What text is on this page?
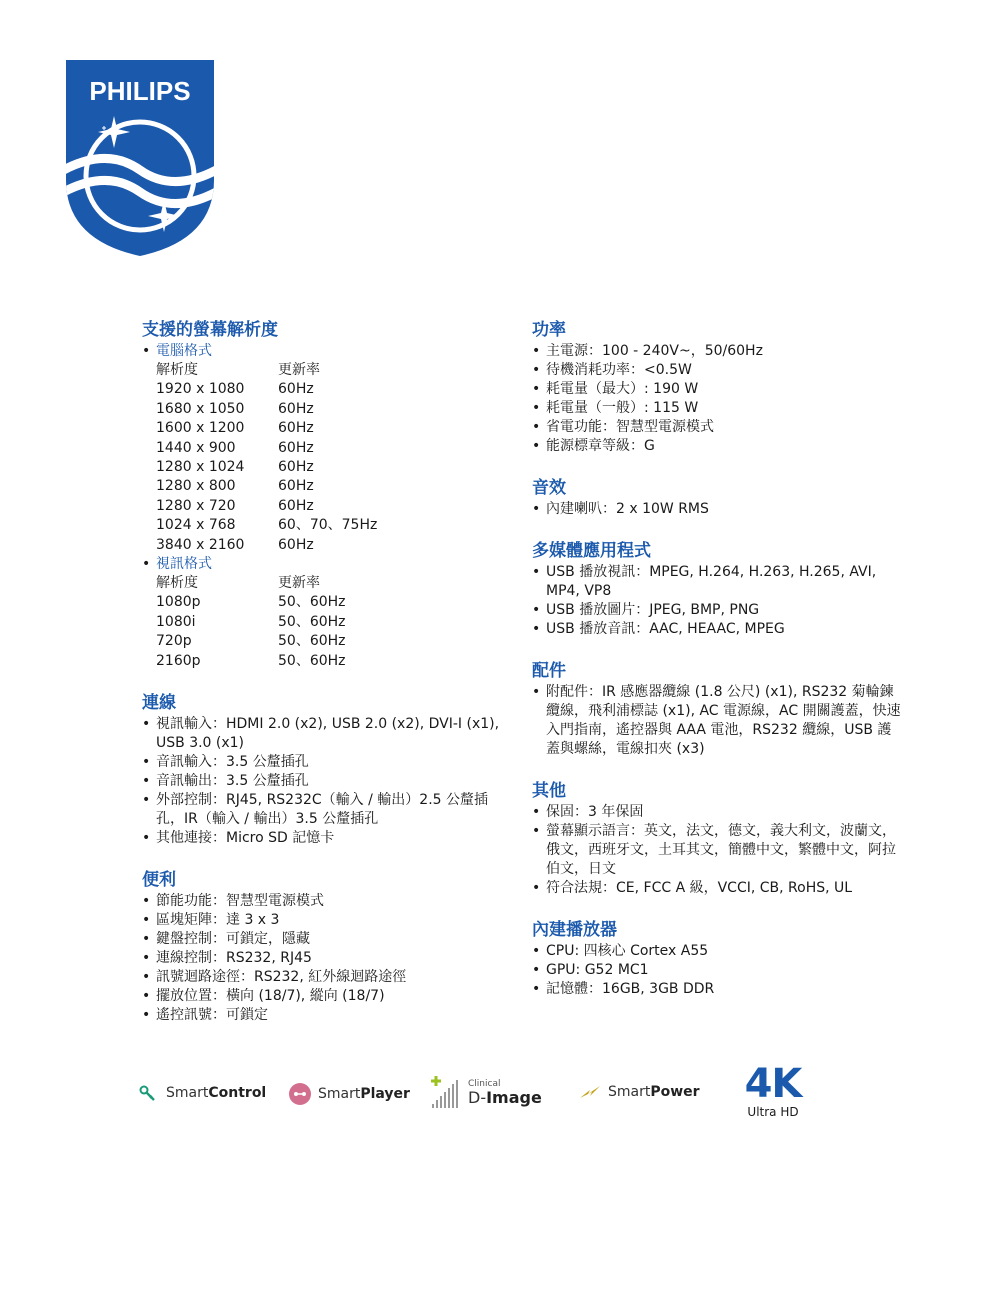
PHILIPS
支援的螢幕解析度
• 電腦格式
解析度	更新率
1920 x 1080	60Hz
1680 x 1050	60Hz
1600 x 1200	60Hz
1440 x 900	60Hz
1280 x 1024	60Hz
1280 x 800	60Hz
1280 x 720	60Hz
1024 x 768	60、70、75Hz
3840 x 2160	60Hz
• 視訊格式
解析度	更新率
1080p	50、60Hz
1080i	50、60Hz
720p	50、60Hz
2160p	50、60Hz
連線
• 視訊輸入：HDMI 2.0 (x2), USB 2.0 (x2), DVI-I (x1), USB 3.0 (x1)
• 音訊輸入：3.5 公釐插孔
• 音訊輸出：3.5 公釐插孔
• 外部控制：RJ45, RS232C（輸入 / 輸出）2.5 公釐插孔，IR（輸入 / 輸出）3.5 公釐插孔
• 其他連接：Micro SD 記憶卡
便利
• 節能功能：智慧型電源模式
• 區塊矩陣：達 3 x 3
• 鍵盤控制：可鎖定，隱藏
• 連線控制：RS232, RJ45
• 訊號迴路途徑：RS232, 紅外線迴路途徑
• 擺放位置：橫向 (18/7), 縱向 (18/7)
• 遙控訊號：可鎖定
功率
• 主電源：100 - 240V~，50/60Hz
• 待機消耗功率：<0.5W
• 耗電量（最大）: 190 W
• 耗電量（一般）: 115 W
• 省電功能：智慧型電源模式
• 能源標章等級：G
音效
• 內建喇叭：2 x 10W RMS
多媒體應用程式
• USB 播放視訊：MPEG, H.264, H.263, H.265, AVI, MP4, VP8
• USB 播放圖片：JPEG, BMP, PNG
• USB 播放音訊：AAC, HEAAC, MPEG
配件
• 附配件：IR 感應器纜線 (1.8 公尺) (x1), RS232 菊輪鍊纜線，飛利浦標誌 (x1), AC 電源線，AC 開關護蓋，快速入門指南，遙控器與 AAA 電池，RS232 纜線，USB 護蓋與螺絲，電線扣夾 (x3)
其他
• 保固：3 年保固
• 螢幕顯示語言：英文，法文，德文，義大利文，波蘭文，俄文，西班牙文，土耳其文，簡體中文，繁體中文，阿拉伯文，日文
• 符合法規：CE, FCC A 級，VCCI, CB, RoHS, UL
內建播放器
• CPU: 四核心 Cortex A55
• GPU: G52 MC1
• 記憶體：16GB, 3GB DDR
Smart Control	Smart Player
Clinical
D-Image	Smart Power 4K
Ultra HD
